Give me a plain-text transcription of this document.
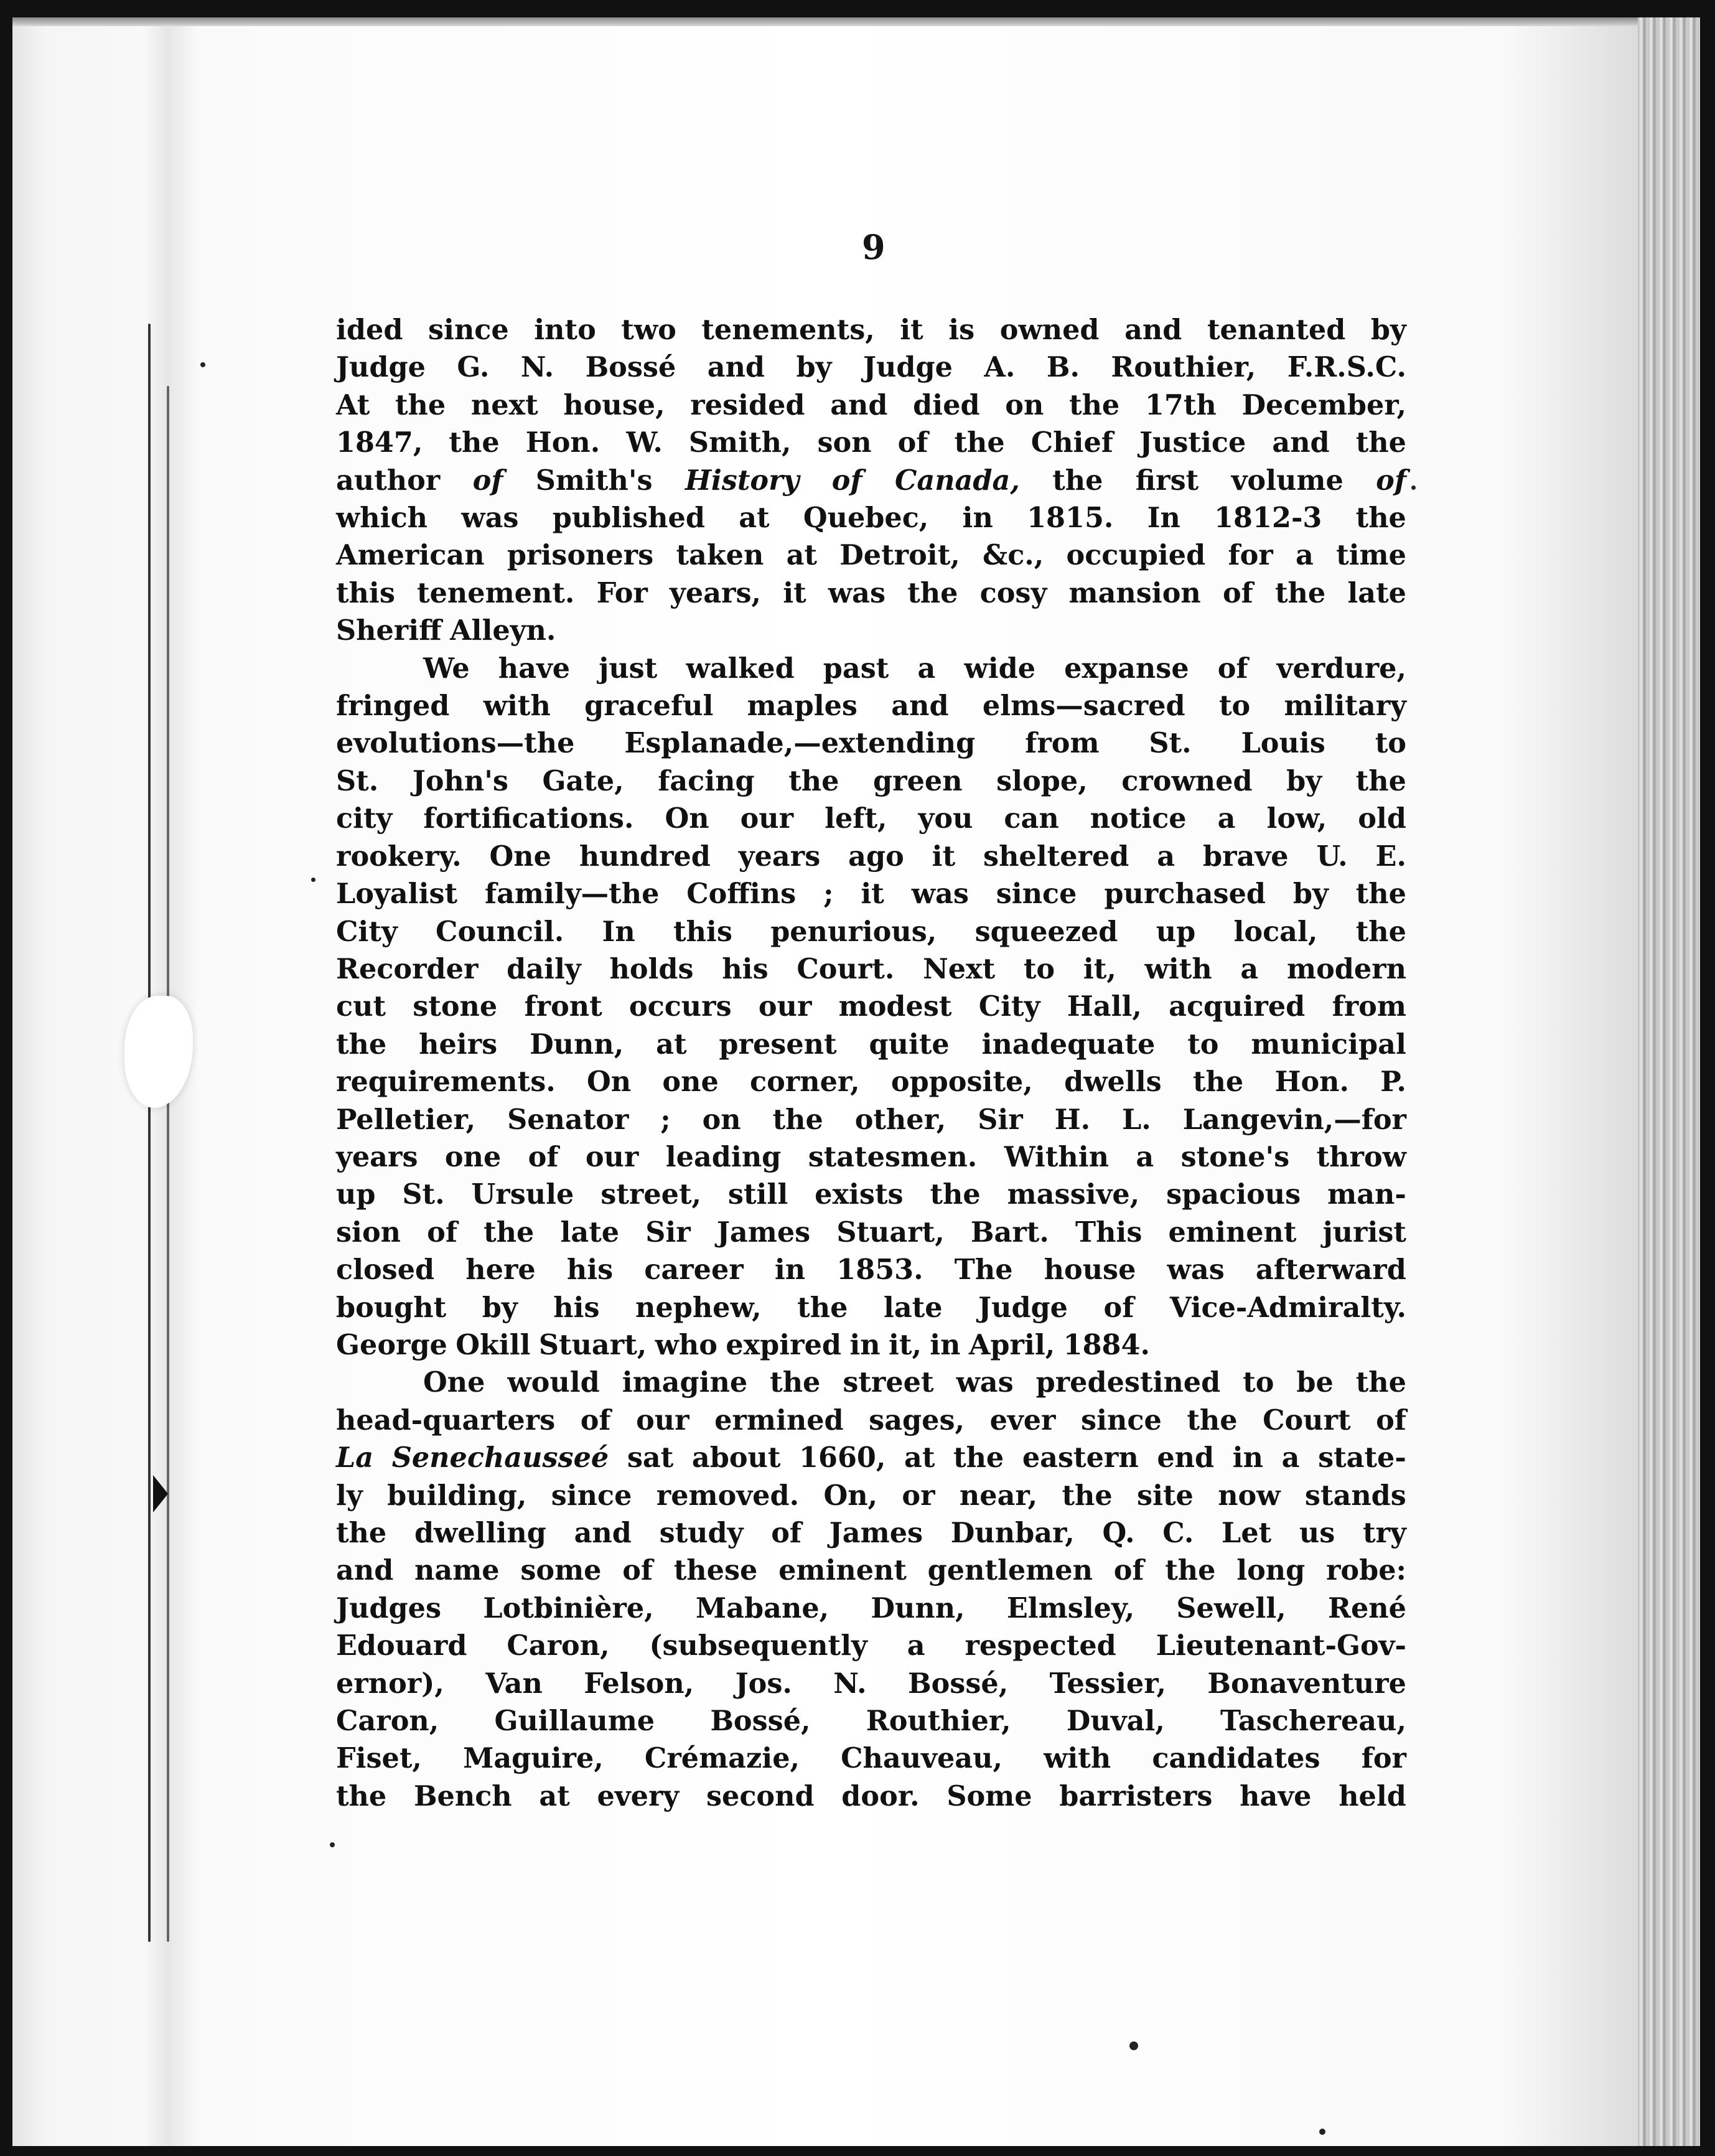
9
ided since into two tenements, it is owned and tenanted by
Judge G. N. Bossé and by Judge A. B. Routhier, F.R.S.C.
At the next house, resided and died on the 17th December,
1847, the Hon. W. Smith, son of the Chief Justice and the
author of Smith's History of Canada, the first volume of
which was published at Quebec, in 1815. In 1812-3 the
American prisoners taken at Detroit, &c., occupied for a time
this tenement. For years, it was the cosy mansion of the late
Sheriff Alleyn.
We have just walked past a wide expanse of verdure,
fringed with graceful maples and elms—sacred to military
evolutions—the Esplanade,—extending from St. Louis to
St. John's Gate, facing the green slope, crowned by the
city fortifications. On our left, you can notice a low, old
rookery. One hundred years ago it sheltered a brave U. E.
Loyalist family—the Coffins ; it was since purchased by the
City Council. In this penurious, squeezed up local, the
Recorder daily holds his Court. Next to it, with a modern
cut stone front occurs our modest City Hall, acquired from
the heirs Dunn, at present quite inadequate to municipal
requirements. On one corner, opposite, dwells the Hon. P.
Pelletier, Senator ; on the other, Sir H. L. Langevin,—for
years one of our leading statesmen. Within a stone's throw
up St. Ursule street, still exists the massive, spacious man-
sion of the late Sir James Stuart, Bart. This eminent jurist
closed here his career in 1853. The house was afterward
bought by his nephew, the late Judge of Vice-Admiralty.
George Okill Stuart, who expired in it, in April, 1884.
One would imagine the street was predestined to be the
head-quarters of our ermined sages, ever since the Court of
La Senechausseé sat about 1660, at the eastern end in a state-
ly building, since removed. On, or near, the site now stands
the dwelling and study of James Dunbar, Q. C. Let us try
and name some of these eminent gentlemen of the long robe:
Judges Lotbinière, Mabane, Dunn, Elmsley, Sewell, René
Edouard Caron, (subsequently a respected Lieutenant-Gov-
ernor), Van Felson, Jos. N. Bossé, Tessier, Bonaventure
Caron, Guillaume Bossé, Routhier, Duval, Taschereau,
Fiset, Maguire, Crémazie, Chauveau, with candidates for
the Bench at every second door. Some barristers have held
